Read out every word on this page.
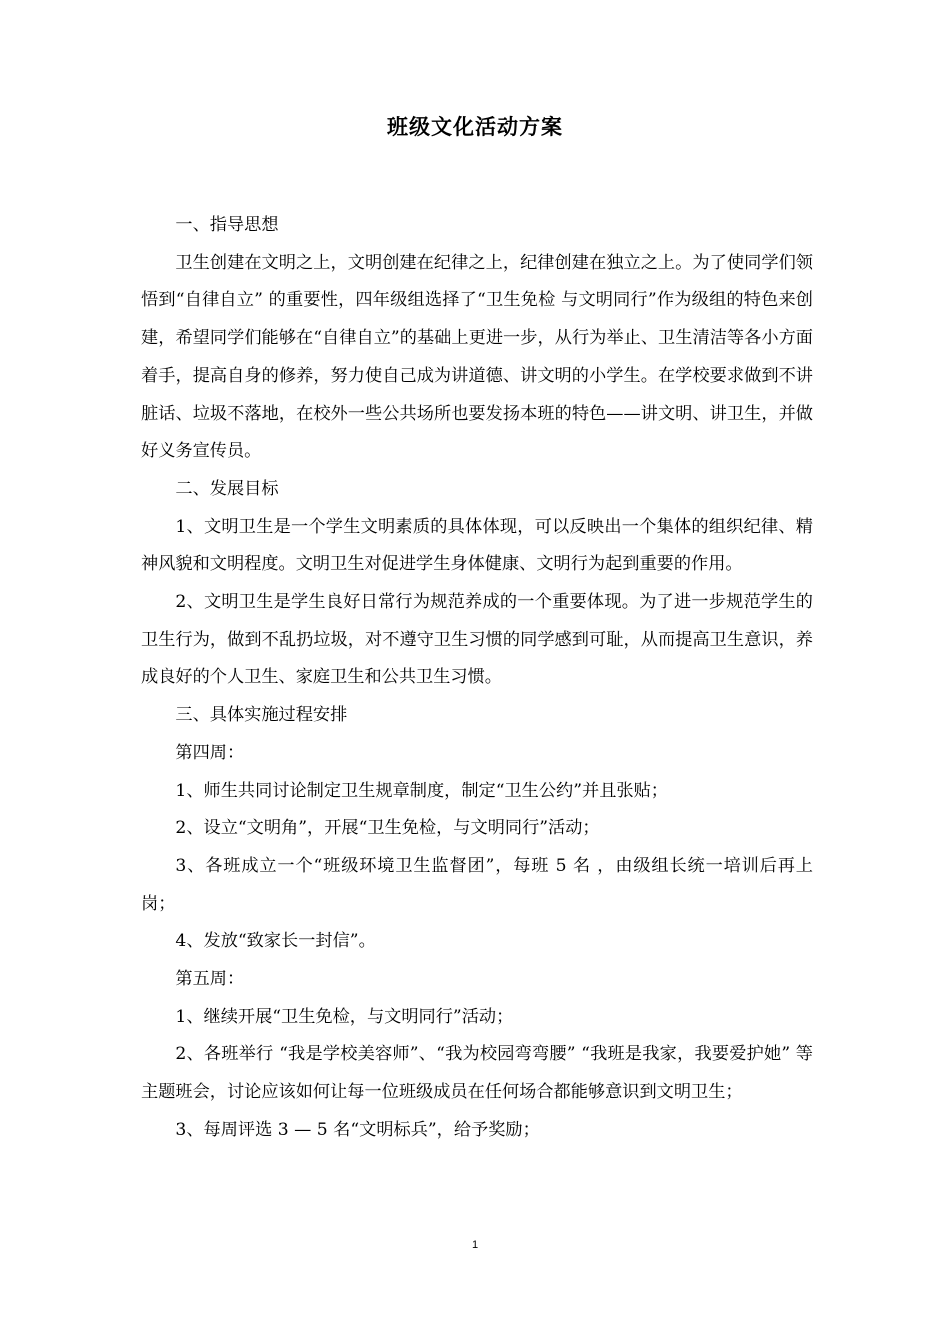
班级文化活动方案

一、指导思想

卫生创建在文明之上，文明创建在纪律之上，纪律创建在独立之上。为了使同学们领悟到“自律自立” 的重要性，四年级组选择了“卫生免检 与文明同行”作为级组的特色来创建，希望同学们能够在“自律自立”的基础上更进一步，从行为举止、卫生清洁等各小方面着手，提高自身的修养，努力使自己成为讲道德、讲文明的小学生。在学校要求做到不讲脏话、垃圾不落地，在校外一些公共场所也要发扬本班的特色——讲文明、讲卫生，并做好义务宣传员。

二、发展目标

1、文明卫生是一个学生文明素质的具体体现，可以反映出一个集体的组织纪律、精神风貌和文明程度。文明卫生对促进学生身体健康、文明行为起到重要的作用。

2、文明卫生是学生良好日常行为规范养成的一个重要体现。为了进一步规范学生的卫生行为，做到不乱扔垃圾，对不遵守卫生习惯的同学感到可耻，从而提高卫生意识，养成良好的个人卫生、家庭卫生和公共卫生习惯。

三、具体实施过程安排

第四周：

1、师生共同讨论制定卫生规章制度，制定“卫生公约”并且张贴；

2、设立“文明角”，开展“卫生免检，与文明同行”活动；

3、各班成立一个“班级环境卫生监督团”，每班 5 名 ，由级组长统一培训后再上岗；

4、发放“致家长一封信”。

第五周：

1、继续开展“卫生免检，与文明同行”活动；

2、各班举行 “我是学校美容师”、“我为校园弯弯腰” “我班是我家，我要爱护她” 等主题班会，讨论应该如何让每一位班级成员在任何场合都能够意识到文明卫生；

3、每周评选 3 — 5 名“文明标兵”，给予奖励；

1
